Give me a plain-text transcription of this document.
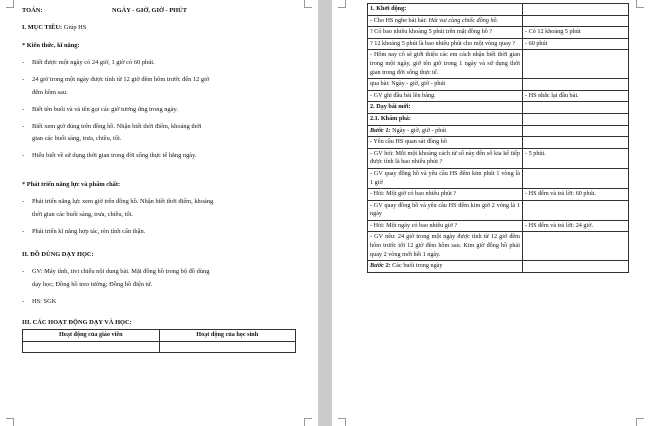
TOÁN:	NGÀY - GIỜ, GIỜ - PHÚT
I. MỤC TIÊU: Giúp HS
* Kiến thức, kĩ năng:
* Phát triển năng lực và phẩm chất:
II. ĐỒ DÙNG DẠY HỌC:
III. CÁC HOẠT ĐỘNG DẠY VÀ HỌC:
Hoạt động của giáo viên	Hoạt động của học sinh

- Biết được một ngày có 24 giờ, 1 giờ có 60 phút.
- 24 giờ trong một ngày được tính từ 12 giờ đêm hôm trước đến 12 giờ
đêm hôm sau.
- Biết tên buổi và và tên gọi các giờ tương ứng trong ngày.
- Biết xem giờ đúng trên đồng hồ. Nhận biết thời điểm, khoảng thời
gian các buổi sáng, trưa, chiều, tối.
- Hiểu biết về sử dụng thời gian trong đời sống thực tế hằng ngày.
- Phát triển năng lực xem giờ trên đồng hồ. Nhận biết thời điểm, khoảng
thời gian các buổi sáng, trưa, chiều, tối.
- Phát triển kĩ năng hợp tác, rèn tính cẩn thận.
- GV: Máy tính, tivi chiếu nội dung bài. Mặt đồng hồ trong bộ đồ dùng
dạy học; Đồng hồ treo tường; Đồng hồ điện tử.
- HS: SGK
1. Khởi động:	
- Cho HS nghe bài hát: Hát vui cùng chiếc đồng hồ.	
? Có bao nhiêu khoảng 5 phút trên mặt đồng hồ ?	- Có 12 khoảng 5 phút
? 12 khoảng 5 phút là bao nhiêu phút cho một vòng quay ?	- 60 phút
- Hôm nay cô sẽ giới thiệu các em cách nhận biết thời gian trong một ngày, giờ tên giờ trong 1 ngày và sử dụng thời gian trong đời sống thực tế.	
qua bài: Ngày - giờ, giờ - phút	
- GV ghi đầu bài lên bảng.	- HS nhắc lại đầu bài.
2. Dạy bài mới:	
2.1. Khám phá:	
Bước 1: Ngày - giờ, giờ - phút	
- Yêu cầu HS quan sát đồng hồ	
- GV hỏi: Mỗi một khoảng cách từ số này đến số kia kế tiếp được tính là bao nhiêu phút ?	- 5 phút.
- GV quay đồng hồ và yêu cầu HS đếm kim phút 1 vòng là 1 giờ	
- Hỏi: Một giờ có bao nhiêu phút ?	- HS đếm và trả lời: 60 phút.
- GV quay đồng hồ và yêu cầu HS đếm kim giờ 2 vòng là 1 ngày	
- Hỏi: Một ngày có bao nhiêu giờ ?	- HS đếm và trả lời: 24 giờ.
- GV nêu: 24 giờ trong một ngày được tính từ 12 giờ đêm hôm trước tới 12 giờ đêm hôm sau. Kim giờ đồng hồ phải quay 2 vòng mới hết 1 ngày.	
Bước 2: Các buổi trong ngày	
